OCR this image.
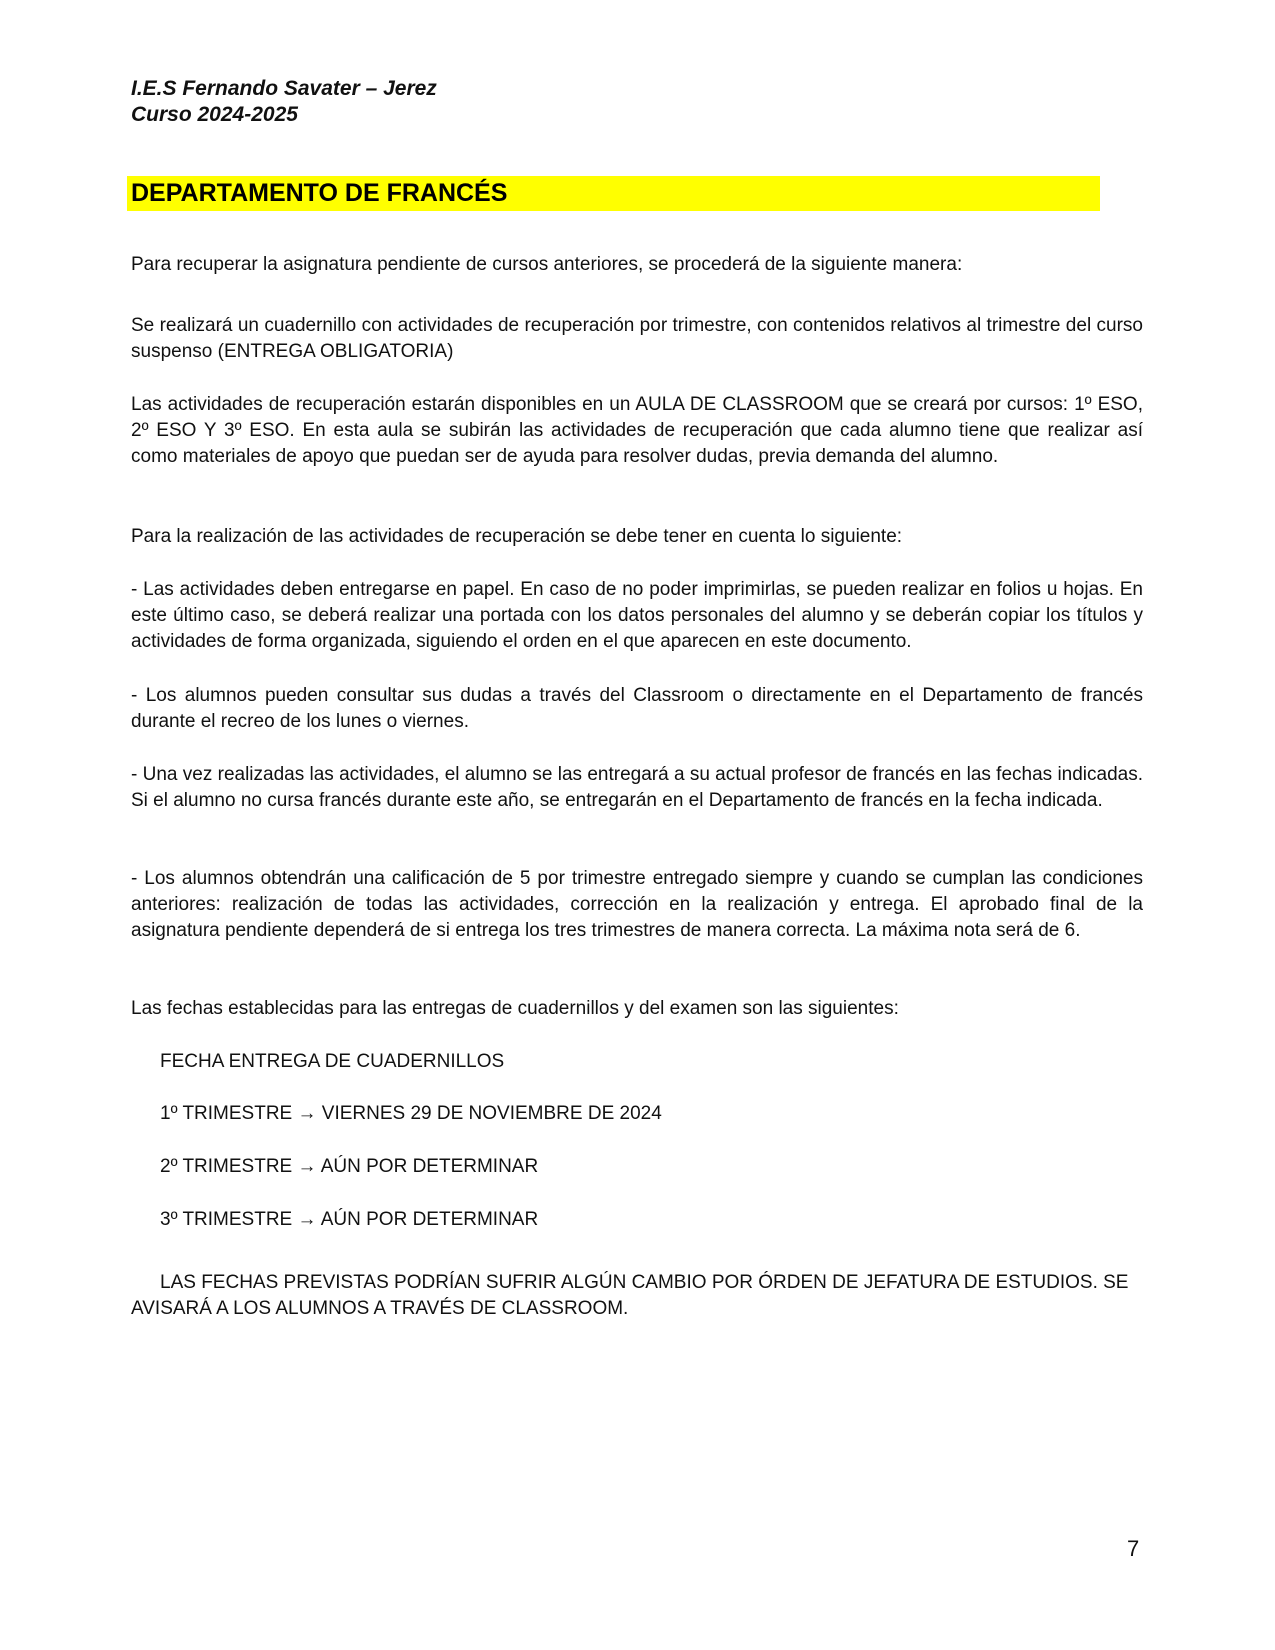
I.E.S Fernando Savater – Jerez
Curso 2024-2025
DEPARTAMENTO DE FRANCÉS

Para recuperar la asignatura pendiente de cursos anteriores, se procederá de la siguiente manera:

Se realizará un cuadernillo con actividades de recuperación por trimestre, con contenidos relativos al trimestre del curso suspenso (ENTREGA OBLIGATORIA)

Las actividades de recuperación estarán disponibles en un AULA DE CLASSROOM que se creará por cursos: 1º ESO, 2º ESO Y 3º ESO. En esta aula se subirán las actividades de recuperación que cada alumno tiene que realizar así como materiales de apoyo que puedan ser de ayuda para resolver dudas, previa demanda del alumno.

Para la realización de las actividades de recuperación se debe tener en cuenta lo siguiente:

- Las actividades deben entregarse en papel. En caso de no poder imprimirlas, se pueden realizar en folios u hojas. En este último caso, se deberá realizar una portada con los datos personales del alumno y se deberán copiar los títulos y actividades de forma organizada, siguiendo el orden en el que aparecen en este documento.

- Los alumnos pueden consultar sus dudas a través del Classroom o directamente en el Departamento de francés durante el recreo de los lunes o viernes.

- Una vez realizadas las actividades, el alumno se las entregará a su actual profesor de francés en las fechas indicadas. Si el alumno no cursa francés durante este año, se entregarán en el Departamento de francés en la fecha indicada.

- Los alumnos obtendrán una calificación de 5 por trimestre entregado siempre y cuando se cumplan las condiciones anteriores: realización de todas las actividades, corrección en la realización y entrega. El aprobado final de la asignatura pendiente dependerá de si entrega los tres trimestres de manera correcta. La máxima nota será de 6.

Las fechas establecidas para las entregas de cuadernillos y del examen son las siguientes:

FECHA ENTREGA DE CUADERNILLOS
1º TRIMESTRE → VIERNES 29 DE NOVIEMBRE DE 2024
2º TRIMESTRE → AÚN POR DETERMINAR
3º TRIMESTRE → AÚN POR DETERMINAR
LAS FECHAS PREVISTAS PODRÍAN SUFRIR ALGÚN CAMBIO POR ÓRDEN DE JEFATURA DE ESTUDIOS. SE AVISARÁ A LOS ALUMNOS A TRAVÉS DE CLASSROOM.
7
